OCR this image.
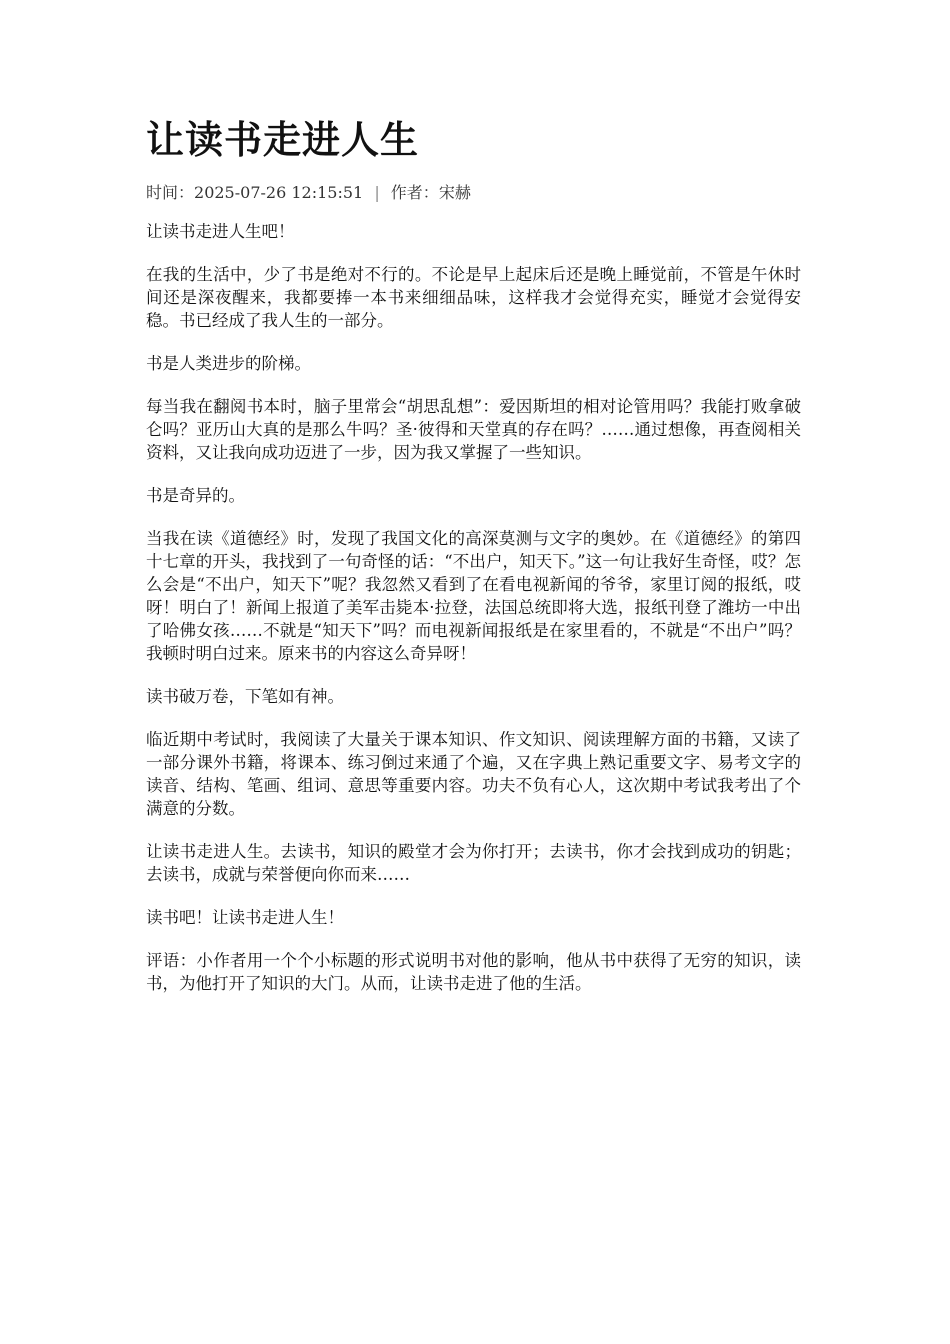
让读书走进人生
时间：2025-07-26 12:15:51 | 作者：宋赫

让读书走进人生吧！

在我的生活中，少了书是绝对不行的。不论是早上起床后还是晚上睡觉前，不管是午休时间还是深夜醒来，我都要捧一本书来细细品味，这样我才会觉得充实，睡觉才会觉得安稳。书已经成了我人生的一部分。

书是人类进步的阶梯。

每当我在翻阅书本时，脑子里常会“胡思乱想”：爱因斯坦的相对论管用吗？我能打败拿破仑吗？亚历山大真的是那么牛吗？圣·彼得和天堂真的存在吗？……通过想像，再查阅相关资料，又让我向成功迈进了一步，因为我又掌握了一些知识。

书是奇异的。

当我在读《道德经》时，发现了我国文化的高深莫测与文字的奥妙。在《道德经》的第四十七章的开头，我找到了一句奇怪的话：“不出户，知天下。”这一句让我好生奇怪，哎？怎么会是“不出户，知天下”呢？我忽然又看到了在看电视新闻的爷爷，家里订阅的报纸，哎呀！明白了！新闻上报道了美军击毙本·拉登，法国总统即将大选，报纸刊登了潍坊一中出了哈佛女孩……不就是“知天下”吗？而电视新闻报纸是在家里看的，不就是“不出户”吗？我顿时明白过来。原来书的内容这么奇异呀！

读书破万卷，下笔如有神。

临近期中考试时，我阅读了大量关于课本知识、作文知识、阅读理解方面的书籍，又读了一部分课外书籍，将课本、练习倒过来通了个遍，又在字典上熟记重要文字、易考文字的读音、结构、笔画、组词、意思等重要内容。功夫不负有心人，这次期中考试我考出了个满意的分数。

让读书走进人生。去读书，知识的殿堂才会为你打开；去读书，你才会找到成功的钥匙；去读书，成就与荣誉便向你而来……

读书吧！让读书走进人生！

评语：小作者用一个个小标题的形式说明书对他的影响，他从书中获得了无穷的知识，读书，为他打开了知识的大门。从而，让读书走进了他的生活。
